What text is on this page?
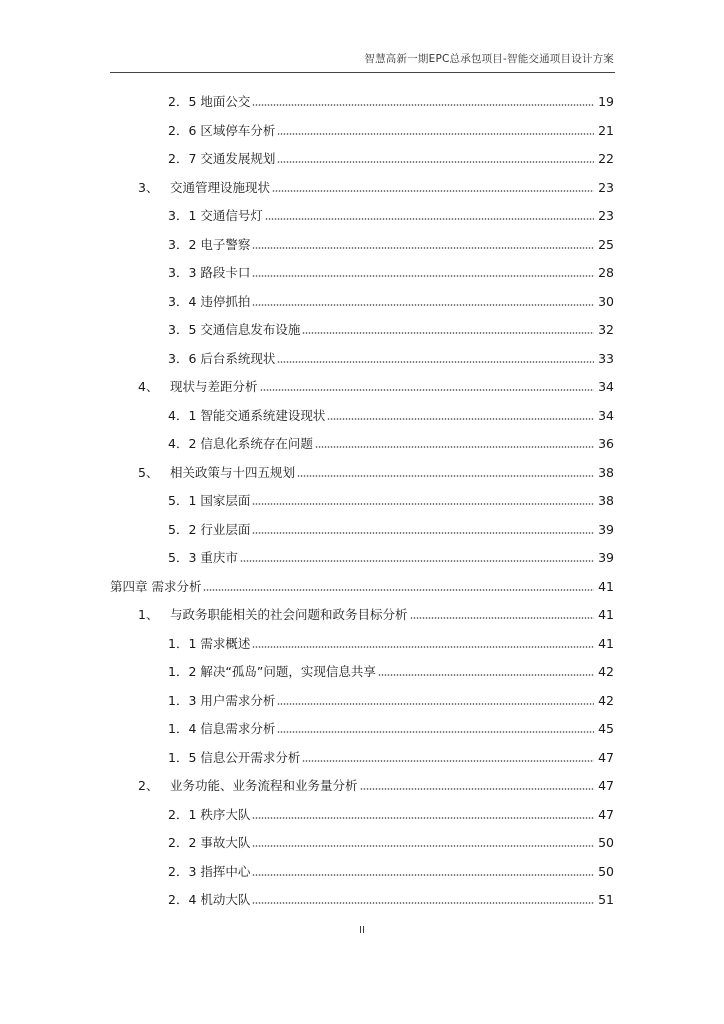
智慧高新一期EPC总承包项目-智能交通项目设计方案
2．5 地面公交	19
2．6 区域停车分析	21
2．7 交通发展规划	22
3、 交通管理设施现状	23
3．1 交通信号灯	23
3．2 电子警察	25
3．3 路段卡口	28
3．4 违停抓拍	30
3．5 交通信息发布设施	32
3．6 后台系统现状	33
4、 现状与差距分析	34
4．1 智能交通系统建设现状	34
4．2 信息化系统存在问题	36
5、 相关政策与十四五规划	38
5．1 国家层面	38
5．2 行业层面	39
5．3 重庆市	39
第四章 需求分析	41
1、 与政务职能相关的社会问题和政务目标分析	41
1．1 需求概述	41
1．2 解决“孤岛”问题，实现信息共享	42
1．3 用户需求分析	42
1．4 信息需求分析	45
1．5 信息公开需求分析	47
2、 业务功能、业务流程和业务量分析	47
2．1 秩序大队	47
2．2 事故大队	50
2．3 指挥中心	50
2．4 机动大队	51
II
